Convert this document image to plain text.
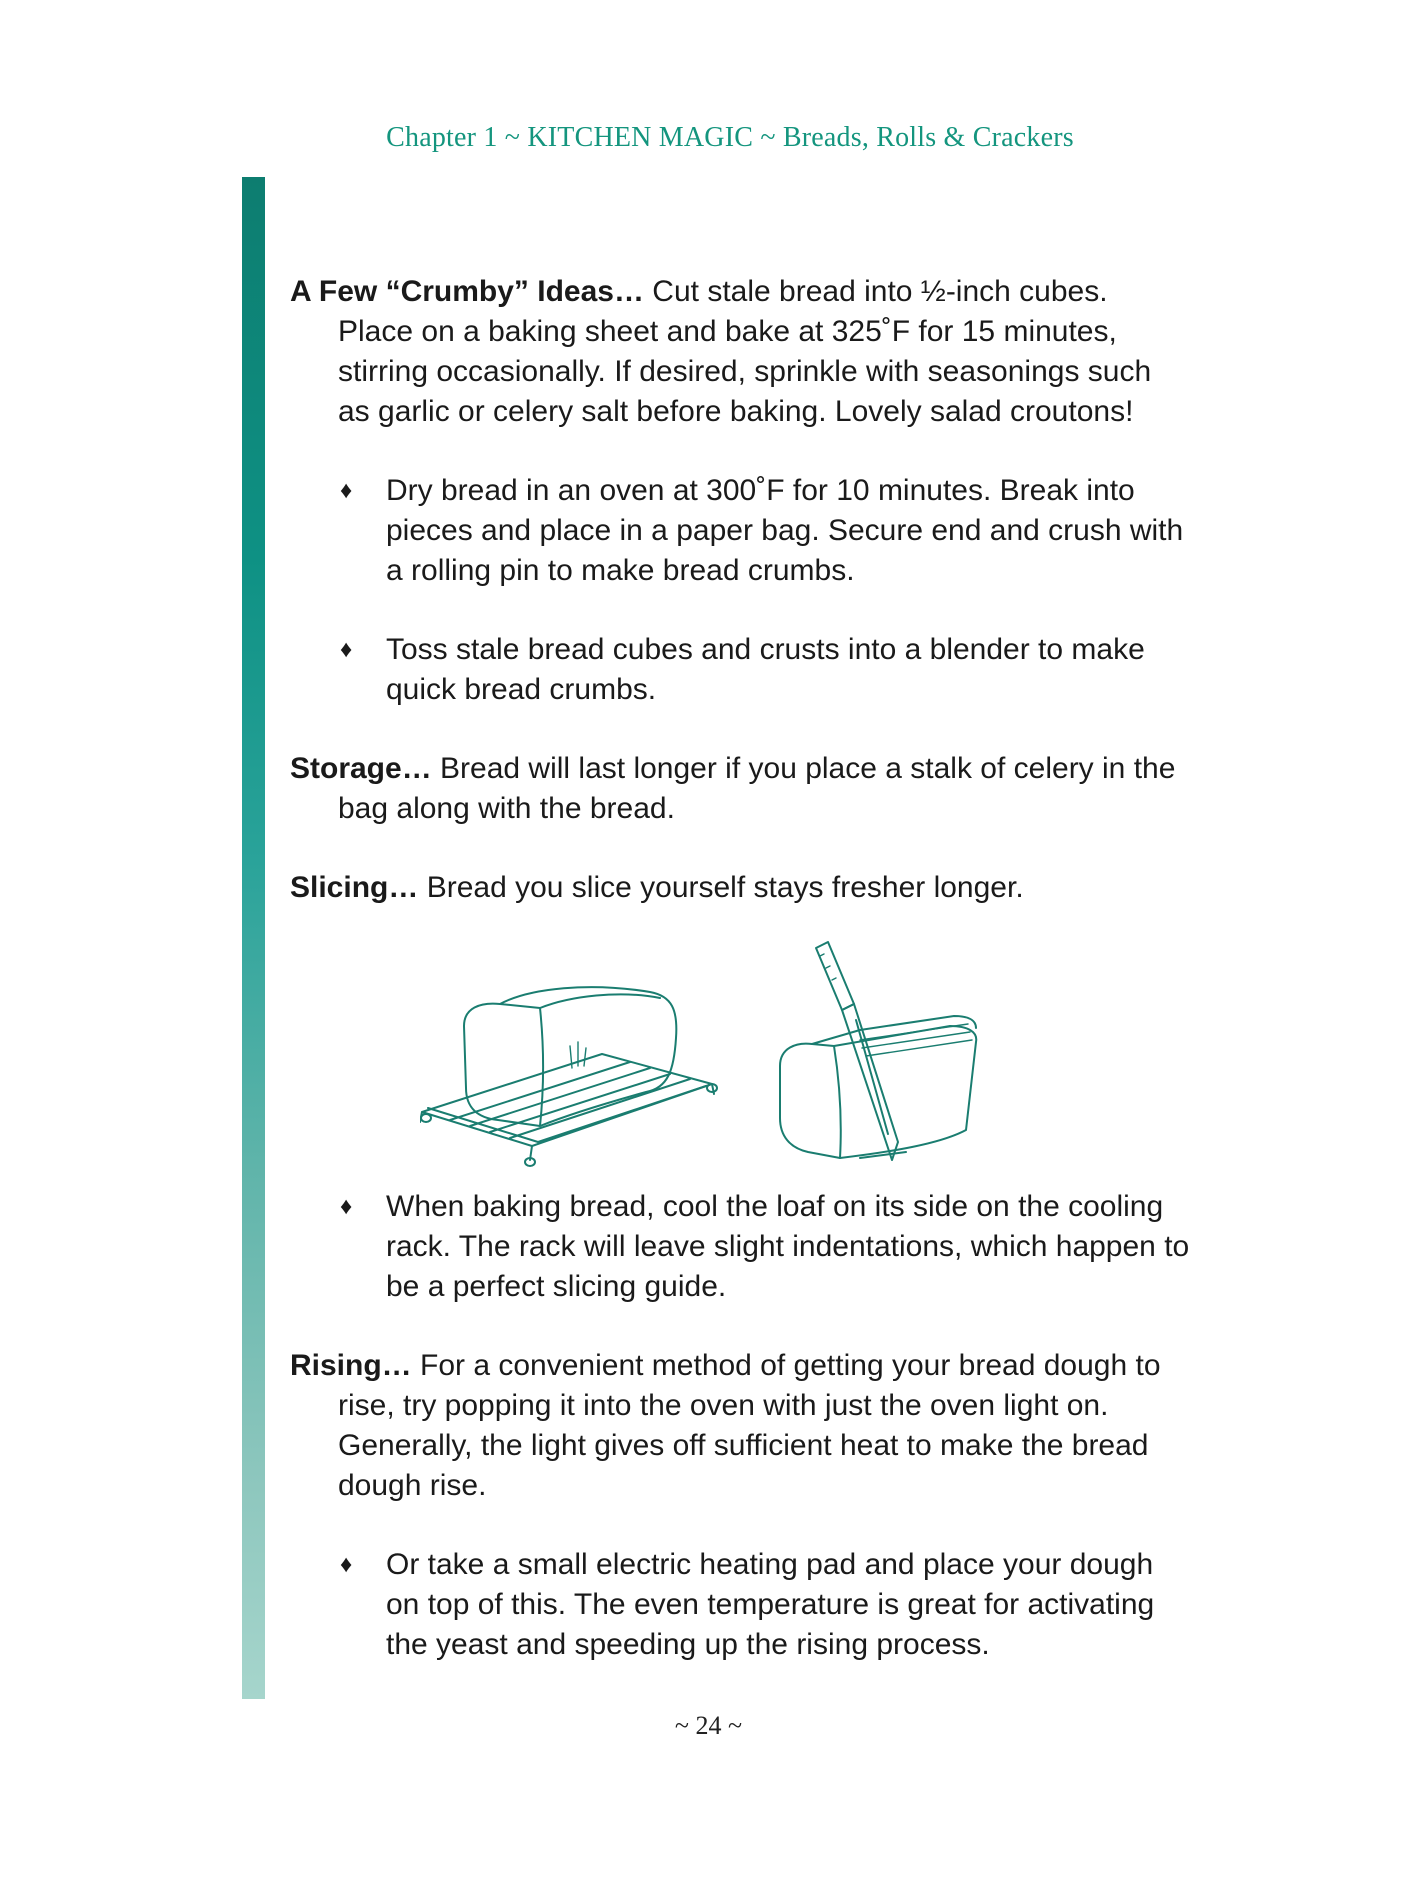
Chapter 1 ~ KITCHEN MAGIC ~ Breads, Rolls & Crackers

A Few “Crumby” Ideas… Cut stale bread into ½-inch cubes. Place on a baking sheet and bake at 325˚F for 15 minutes, stirring occasionally. If desired, sprinkle with seasonings such as garlic or celery salt before baking. Lovely salad croutons!

♦ Dry bread in an oven at 300˚F for 10 minutes. Break into pieces and place in a paper bag. Secure end and crush with a rolling pin to make bread crumbs.
♦ Toss stale bread cubes and crusts into a blender to make quick bread crumbs.

Storage… Bread will last longer if you place a stalk of celery in the bag along with the bread.

Slicing… Bread you slice yourself stays fresher longer.

♦ When baking bread, cool the loaf on its side on the cooling rack. The rack will leave slight indentations, which happen to be a perfect slicing guide.

Rising… For a convenient method of getting your bread dough to rise, try popping it into the oven with just the oven light on. Generally, the light gives off sufficient heat to make the bread dough rise.

♦ Or take a small electric heating pad and place your dough on top of this. The even temperature is great for activating the yeast and speeding up the rising process.
~ 24 ~
